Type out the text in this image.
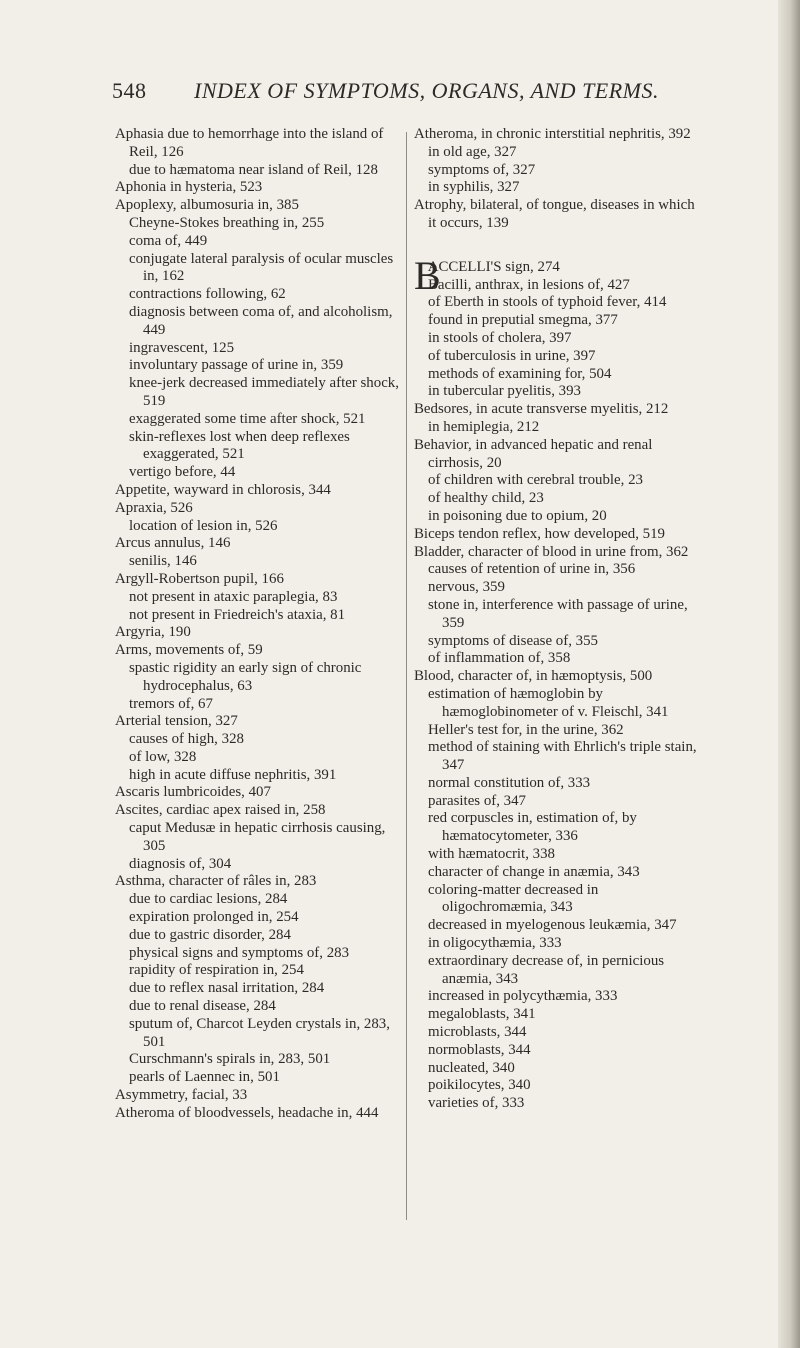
548 INDEX OF SYMPTOMS, ORGANS, AND TERMS.

Aphasia due to hemorrhage into the island of Reil, 126

due to hæmatoma near island of Reil, 128

Aphonia in hysteria, 523

Apoplexy, albumosuria in, 385

Cheyne-Stokes breathing in, 255

coma of, 449

conjugate lateral paralysis of ocular muscles in, 162

contractions following, 62

diagnosis between coma of, and alcoholism, 449

ingravescent, 125

involuntary passage of urine in, 359

knee-jerk decreased immediately after shock, 519

exaggerated some time after shock, 521

skin-reflexes lost when deep reflexes exaggerated, 521

vertigo before, 44

Appetite, wayward in chlorosis, 344

Apraxia, 526

location of lesion in, 526

Arcus annulus, 146

senilis, 146

Argyll-Robertson pupil, 166

not present in ataxic paraplegia, 83

not present in Friedreich's ataxia, 81

Argyria, 190

Arms, movements of, 59

spastic rigidity an early sign of chronic hydrocephalus, 63

tremors of, 67

Arterial tension, 327

causes of high, 328

of low, 328

high in acute diffuse nephritis, 391

Ascaris lumbricoides, 407

Ascites, cardiac apex raised in, 258

caput Medusæ in hepatic cirrhosis causing, 305

diagnosis of, 304

Asthma, character of râles in, 283

due to cardiac lesions, 284

expiration prolonged in, 254

due to gastric disorder, 284

physical signs and symptoms of, 283

rapidity of respiration in, 254

due to reflex nasal irritation, 284

due to renal disease, 284

sputum of, Charcot Leyden crystals in, 283, 501

Curschmann's spirals in, 283, 501

pearls of Laennec in, 501

Asymmetry, facial, 33

Atheroma of bloodvessels, headache in, 444

Atheroma, in chronic interstitial nephritis, 392

in old age, 327

symptoms of, 327

in syphilis, 327

Atrophy, bilateral, of tongue, diseases in which it occurs, 139

B
ACCELLI'S sign, 274

Bacilli, anthrax, in lesions of, 427

of Eberth in stools of typhoid fever, 414

found in preputial smegma, 377

in stools of cholera, 397

of tuberculosis in urine, 397

methods of examining for, 504

in tubercular pyelitis, 393

Bedsores, in acute transverse myelitis, 212

in hemiplegia, 212

Behavior, in advanced hepatic and renal cirrhosis, 20

of children with cerebral trouble, 23

of healthy child, 23

in poisoning due to opium, 20

Biceps tendon reflex, how developed, 519

Bladder, character of blood in urine from, 362

causes of retention of urine in, 356

nervous, 359

stone in, interference with passage of urine, 359

symptoms of disease of, 355

of inflammation of, 358

Blood, character of, in hæmoptysis, 500

estimation of hæmoglobin by hæmoglobinometer of v. Fleischl, 341

Heller's test for, in the urine, 362

method of staining with Ehrlich's triple stain, 347

normal constitution of, 333

parasites of, 347

red corpuscles in, estimation of, by hæmatocytometer, 336

with hæmatocrit, 338

character of change in anæmia, 343

coloring-matter decreased in oligochromæmia, 343

decreased in myelogenous leukæmia, 347

in oligocythæmia, 333

extraordinary decrease of, in pernicious anæmia, 343

increased in polycythæmia, 333

megaloblasts, 341

microblasts, 344

normoblasts, 344

nucleated, 340

poikilocytes, 340

varieties of, 333
